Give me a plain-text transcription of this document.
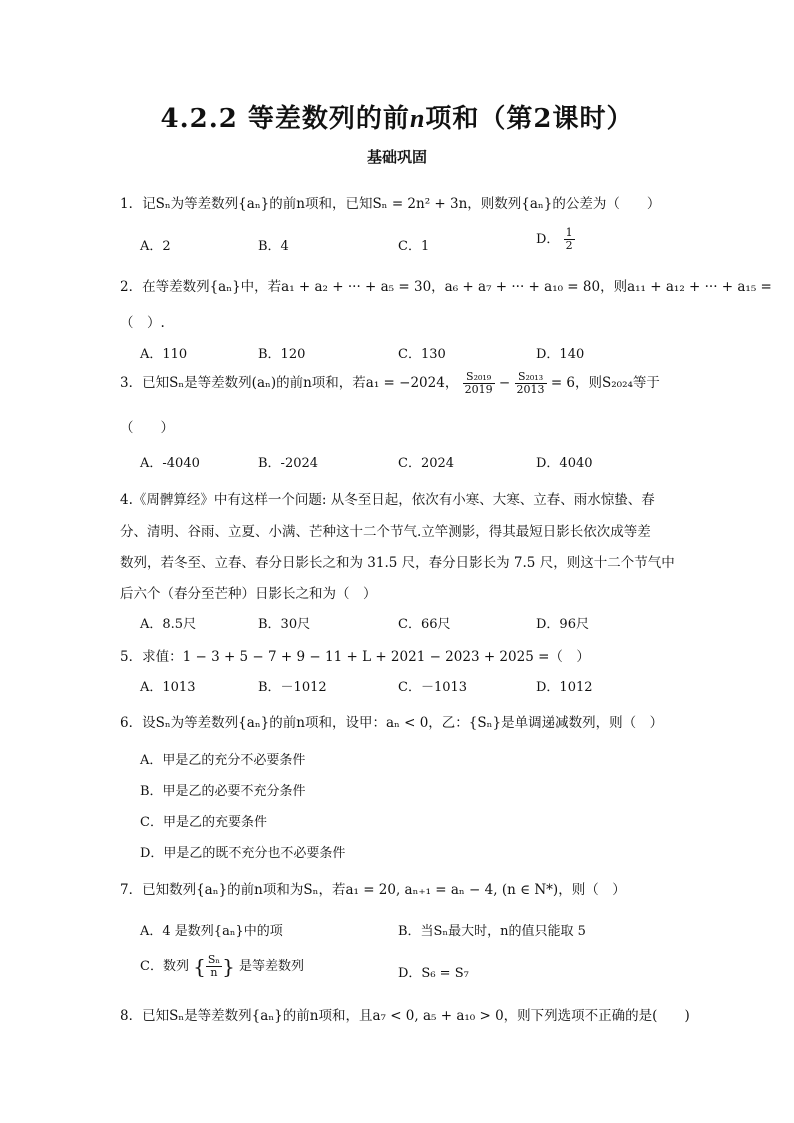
4.2.2 等差数列的前n项和（第2课时）
基础巩固
1．记Sₙ为等差数列{aₙ}的前n项和，已知Sₙ = 2n² + 3n，则数列{aₙ}的公差为（　　）
A．2	B．4	C．1	D． $\frac{1}{2}$
2．在等差数列{aₙ}中，若a₁ + a₂ + ··· + a₅ = 30，a₆ + a₇ + ··· + a₁₀ = 80，则a₁₁ + a₁₂ + ··· + a₁₅ =
（　）.
A．110	B．120	C．130	D．140
3．已知Sₙ是等差数列(aₙ)的前n项和，若a₁ = −2024， $\frac{\text{S₂₀₁₉}}{2019} - \frac{\text{S₂₀₁₃}}{2013} = 6$，则S₂₀₂₄等于
（　　）
A．-4040	B．-2024	C．2024	D．4040
4.《周髀算经》中有这样一个问题: 从冬至日起，依次有小寒、大寒、立春、雨水惊蛰、春
分、清明、谷雨、立夏、小满、芒种这十二个节气.立竿测影，得其最短日影长依次成等差
数列，若冬至、立春、春分日影长之和为 31.5 尺，春分日影长为 7.5 尺，则这十二个节气中
后六个（春分至芒种）日影长之和为（　）
A．8.5尺	B．30尺	C．66尺	D．96尺
5．求值：1 − 3 + 5 − 7 + 9 − 11 + L + 2021 − 2023 + 2025 =（　）
A．1013	B．－1012	C．－1013	D．1012
6．设Sₙ为等差数列{aₙ}的前n项和，设甲：aₙ < 0，乙：{Sₙ}是单调递减数列，则（　）
A．甲是乙的充分不必要条件
B．甲是乙的必要不充分条件
C．甲是乙的充要条件
D．甲是乙的既不充分也不必要条件
7．已知数列{aₙ}的前n项和为Sₙ，若a₁ = 20, aₙ₊₁ = aₙ − 4, (n ∈ N*)，则（　）
A．4 是数列{aₙ}中的项	B．当Sₙ最大时，n的值只能取 5
C．数列 { $\frac{\text{Sₙ}}{n}$ } 是等差数列	D．S₆ = S₇
8．已知Sₙ是等差数列{aₙ}的前n项和，且a₇ < 0, a₅ + a₁₀ > 0，则下列选项不正确的是(　　)
